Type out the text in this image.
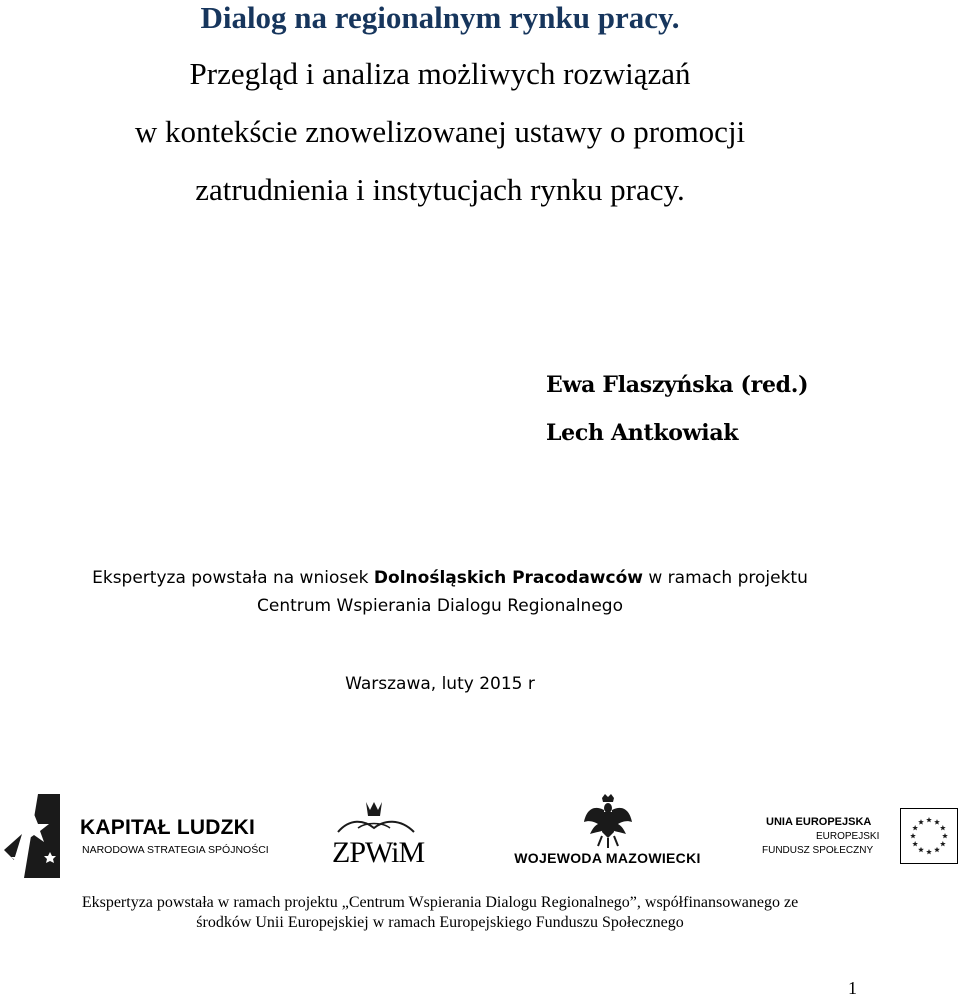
Dialog na regionalnym rynku pracy.
Przegląd i analiza możliwych rozwiązań
w kontekście znowelizowanej ustawy o promocji
zatrudnienia i instytucjach rynku pracy.
Ewa Flaszyńska (red.)
Lech Antkowiak
Ekspertyza powstała na wniosek Dolnośląskich Pracodawców w ramach projektu
Centrum Wspierania Dialogu Regionalnego
Warszawa, luty 2015 r
KAPITAŁ LUDZKI
NARODOWA STRATEGIA SPÓJNOŚCI ZPWiM	WOJEWODA MAZOWIECKI
UNIA EUROPEJSKA
EUROPEJSKI
FUNDUSZ SPOŁECZNY
Ekspertyza powstała w ramach projektu „Centrum Wspierania Dialogu Regionalnego”, współfinansowanego ze
środków Unii Europejskiej w ramach Europejskiego Funduszu Społecznego
1
